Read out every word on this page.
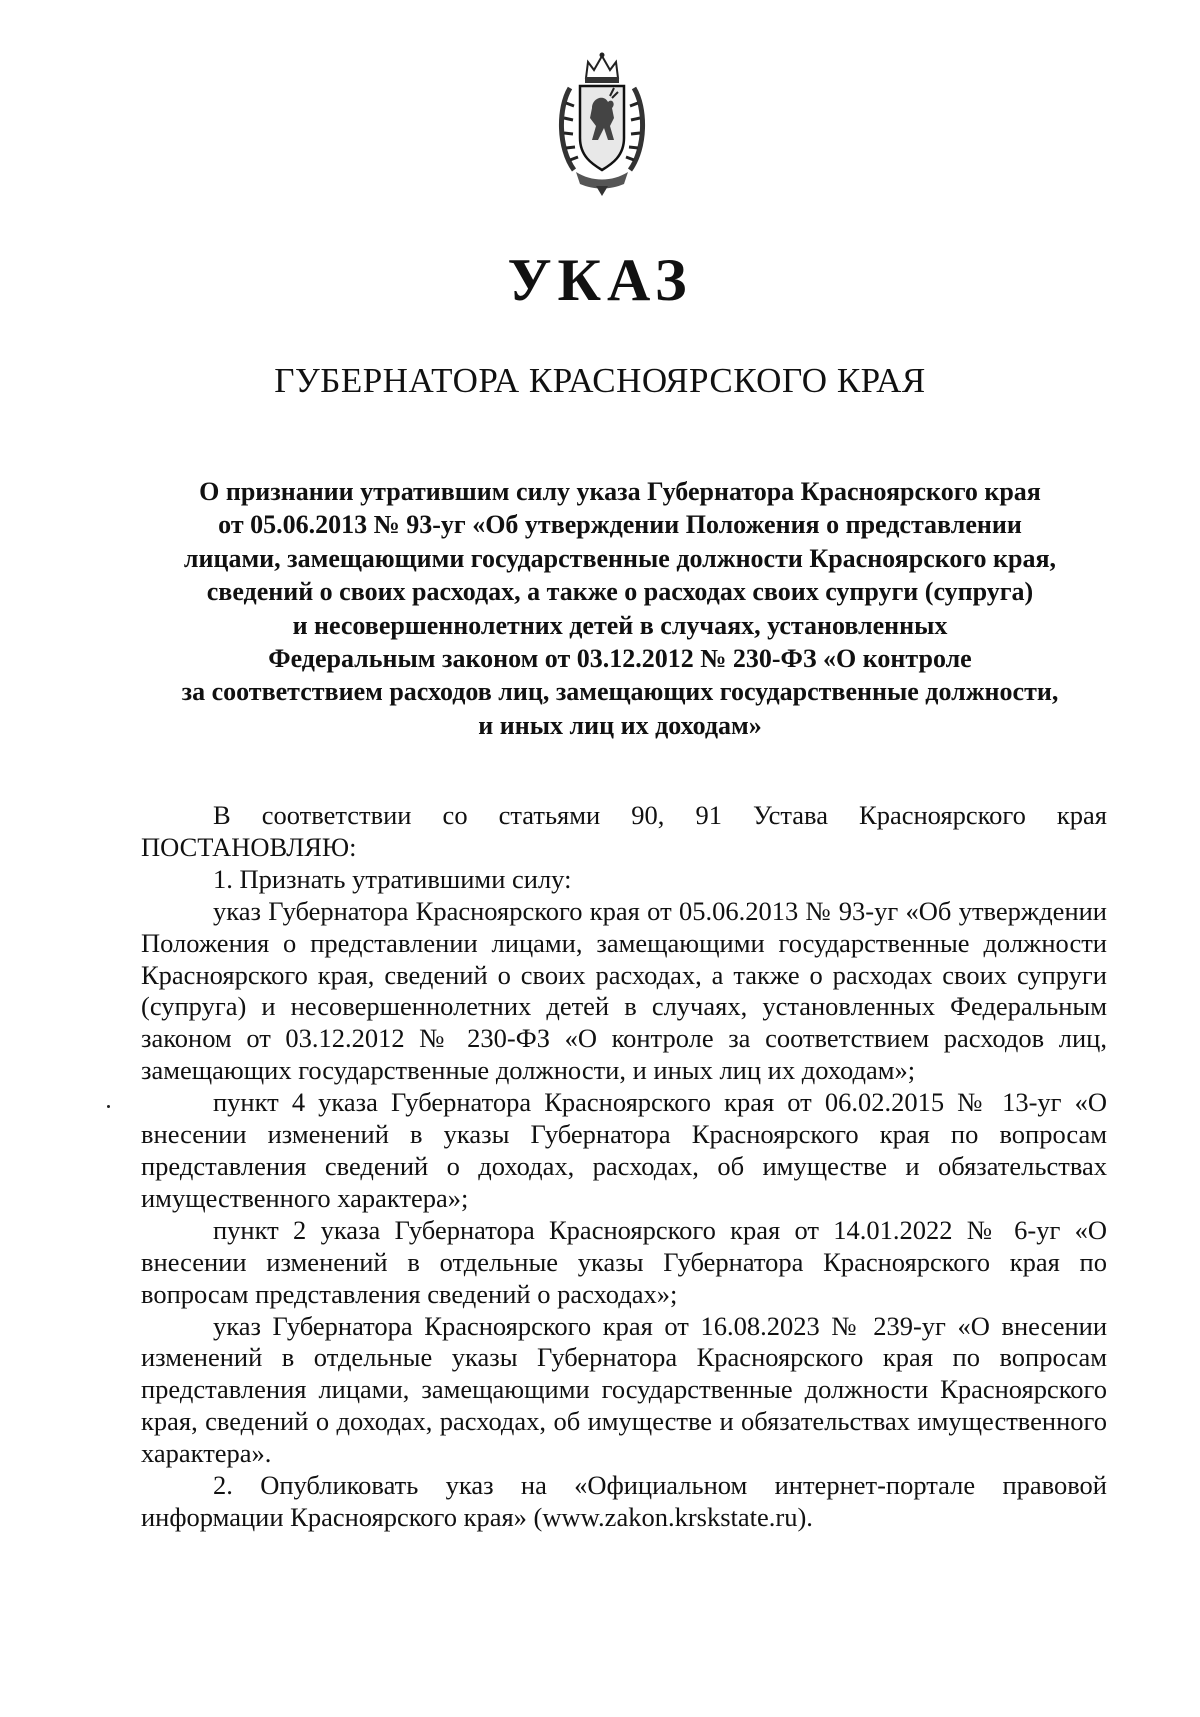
УКАЗ
ГУБЕРНАТОРА КРАСНОЯРСКОГО КРАЯ
О признании утратившим силу указа Губернатора Красноярского края
от 05.06.2013 № 93-уг «Об утверждении Положения о представлении
лицами, замещающими государственные должности Красноярского края,
сведений о своих расходах, а также о расходах своих супруги (супруга)
и несовершеннолетних детей в случаях, установленных
Федеральным законом от 03.12.2012 № 230-ФЗ «О контроле
за соответствием расходов лиц, замещающих государственные должности,
и иных лиц их доходам»

В соответствии со статьями 90, 91 Устава Красноярского края ПОСТАНОВЛЯЮ:

1. Признать утратившими силу:

указ Губернатора Красноярского края от 05.06.2013 № 93-уг «Об утверждении Положения о представлении лицами, замещающими государственные должности Красноярского края, сведений о своих расходах, а также о расходах своих супруги (супруга) и несовершеннолетних детей в случаях, установленных Федеральным законом от 03.12.2012 № 230-ФЗ «О контроле за соответствием расходов лиц, замещающих государственные должности, и иных лиц их доходам»;

пункт 4 указа Губернатора Красноярского края от 06.02.2015 № 13-уг «О внесении изменений в указы Губернатора Красноярского края по вопросам представления сведений о доходах, расходах, об имуществе и обязательствах имущественного характера»;

пункт 2 указа Губернатора Красноярского края от 14.01.2022 № 6-уг «О внесении изменений в отдельные указы Губернатора Красноярского края по вопросам представления сведений о расходах»;

указ Губернатора Красноярского края от 16.08.2023 № 239-уг «О внесении изменений в отдельные указы Губернатора Красноярского края по вопросам представления лицами, замещающими государственные должности Красноярского края, сведений о доходах, расходах, об имуществе и обязательствах имущественного характера».

2. Опубликовать указ на «Официальном интернет-портале правовой информации Красноярского края» (www.zakon.krskstate.ru).
